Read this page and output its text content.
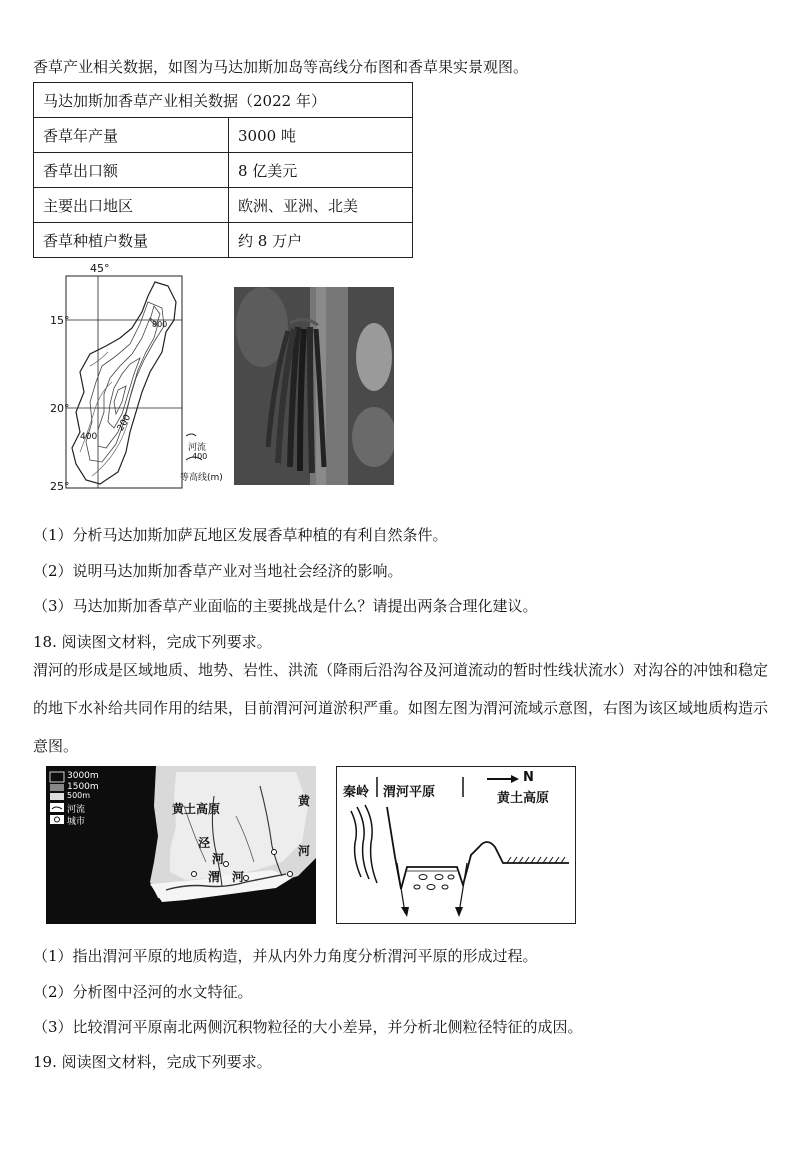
香草产业相关数据，如图为马达加斯加岛等高线分布图和香草果实景观图。
马达加斯加香草产业相关数据（2022 年）	
香草年产量	3000 吨
香草出口额	8 亿美元
主要出口地区	欧洲、亚洲、北美
香草种植户数量	约 8 万户
45°
15°
20°
25°
800
400
200
河流
400
等高线(m)
（1）分析马达加斯加萨瓦地区发展香草种植的有利自然条件。
（2）说明马达加斯加香草产业对当地社会经济的影响。
（3）马达加斯加香草产业面临的主要挑战是什么？请提出两条合理化建议。
18. 阅读图文材料，完成下列要求。
渭河的形成是区域地质、地势、岩性、洪流（降雨后沿沟谷及河道流动的暂时性线状流水）对沟谷的冲蚀和稳定的地下水补给共同作用的结果，目前渭河河道淤积严重。如图左图为渭河流域示意图，右图为该区域地质构造示意图。
3000m
1500m
500m
河流
城市
黄土高原
黄
河
泾
河
渭 河
N
秦岭 渭河平原	黄土高原
（1）指出渭河平原的地质构造，并从内外力角度分析渭河平原的形成过程。
（2）分析图中泾河的水文特征。
（3）比较渭河平原南北两侧沉积物粒径的大小差异，并分析北侧粒径特征的成因。
19. 阅读图文材料，完成下列要求。
